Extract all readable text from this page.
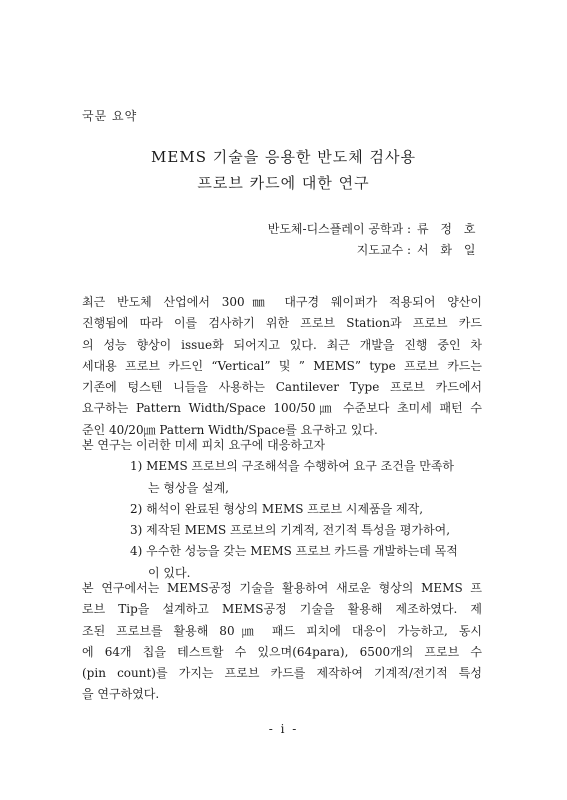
국문 요약
MEMS 기술을 응용한 반도체 검사용
프로브 카드에 대한 연구
반도체-디스플레이 공학과 : 류 정 호
지도교수 : 서 화 일
최근 반도체 산업에서 300㎜ 대구경 웨이퍼가 적용되어 양산이
진행됨에 따라 이를 검사하기 위한 프로브 Station과 프로브 카드
의 성능 향상이 issue화 되어지고 있다. 최근 개발을 진행 중인 차
세대용 프로브 카드인 “Vertical” 및 ” MEMS” type 프로브 카드는
기존에 텅스텐 니들을 사용하는 Cantilever Type 프로브 카드에서
요구하는 Pattern Width/Space 100/50㎛ 수준보다 초미세 패턴 수
준인 40/20㎛ Pattern Width/Space를 요구하고 있다.
본 연구는 이러한 미세 피치 요구에 대응하고자
1) MEMS 프로브의 구조해석을 수행하여 요구 조건을 만족하
는 형상을 설계,
2) 해석이 완료된 형상의 MEMS 프로브 시제품을 제작,
3) 제작된 MEMS 프로브의 기계적, 전기적 특성을 평가하여,
4) 우수한 성능을 갖는 MEMS 프로브 카드를 개발하는데 목적
이 있다.
본 연구에서는 MEMS공정 기술을 활용하여 새로운 형상의 MEMS 프
로브 Tip을 설계하고 MEMS공정 기술을 활용해 제조하였다. 제
조된 프로브를 활용해 80㎛ 패드 피치에 대응이 가능하고, 동시
에 64개 칩을 테스트할 수 있으며(64para), 6500개의 프로브 수
(pin count)를 가지는 프로브 카드를 제작하여 기계적/전기적 특성
을 연구하였다.
- i -
